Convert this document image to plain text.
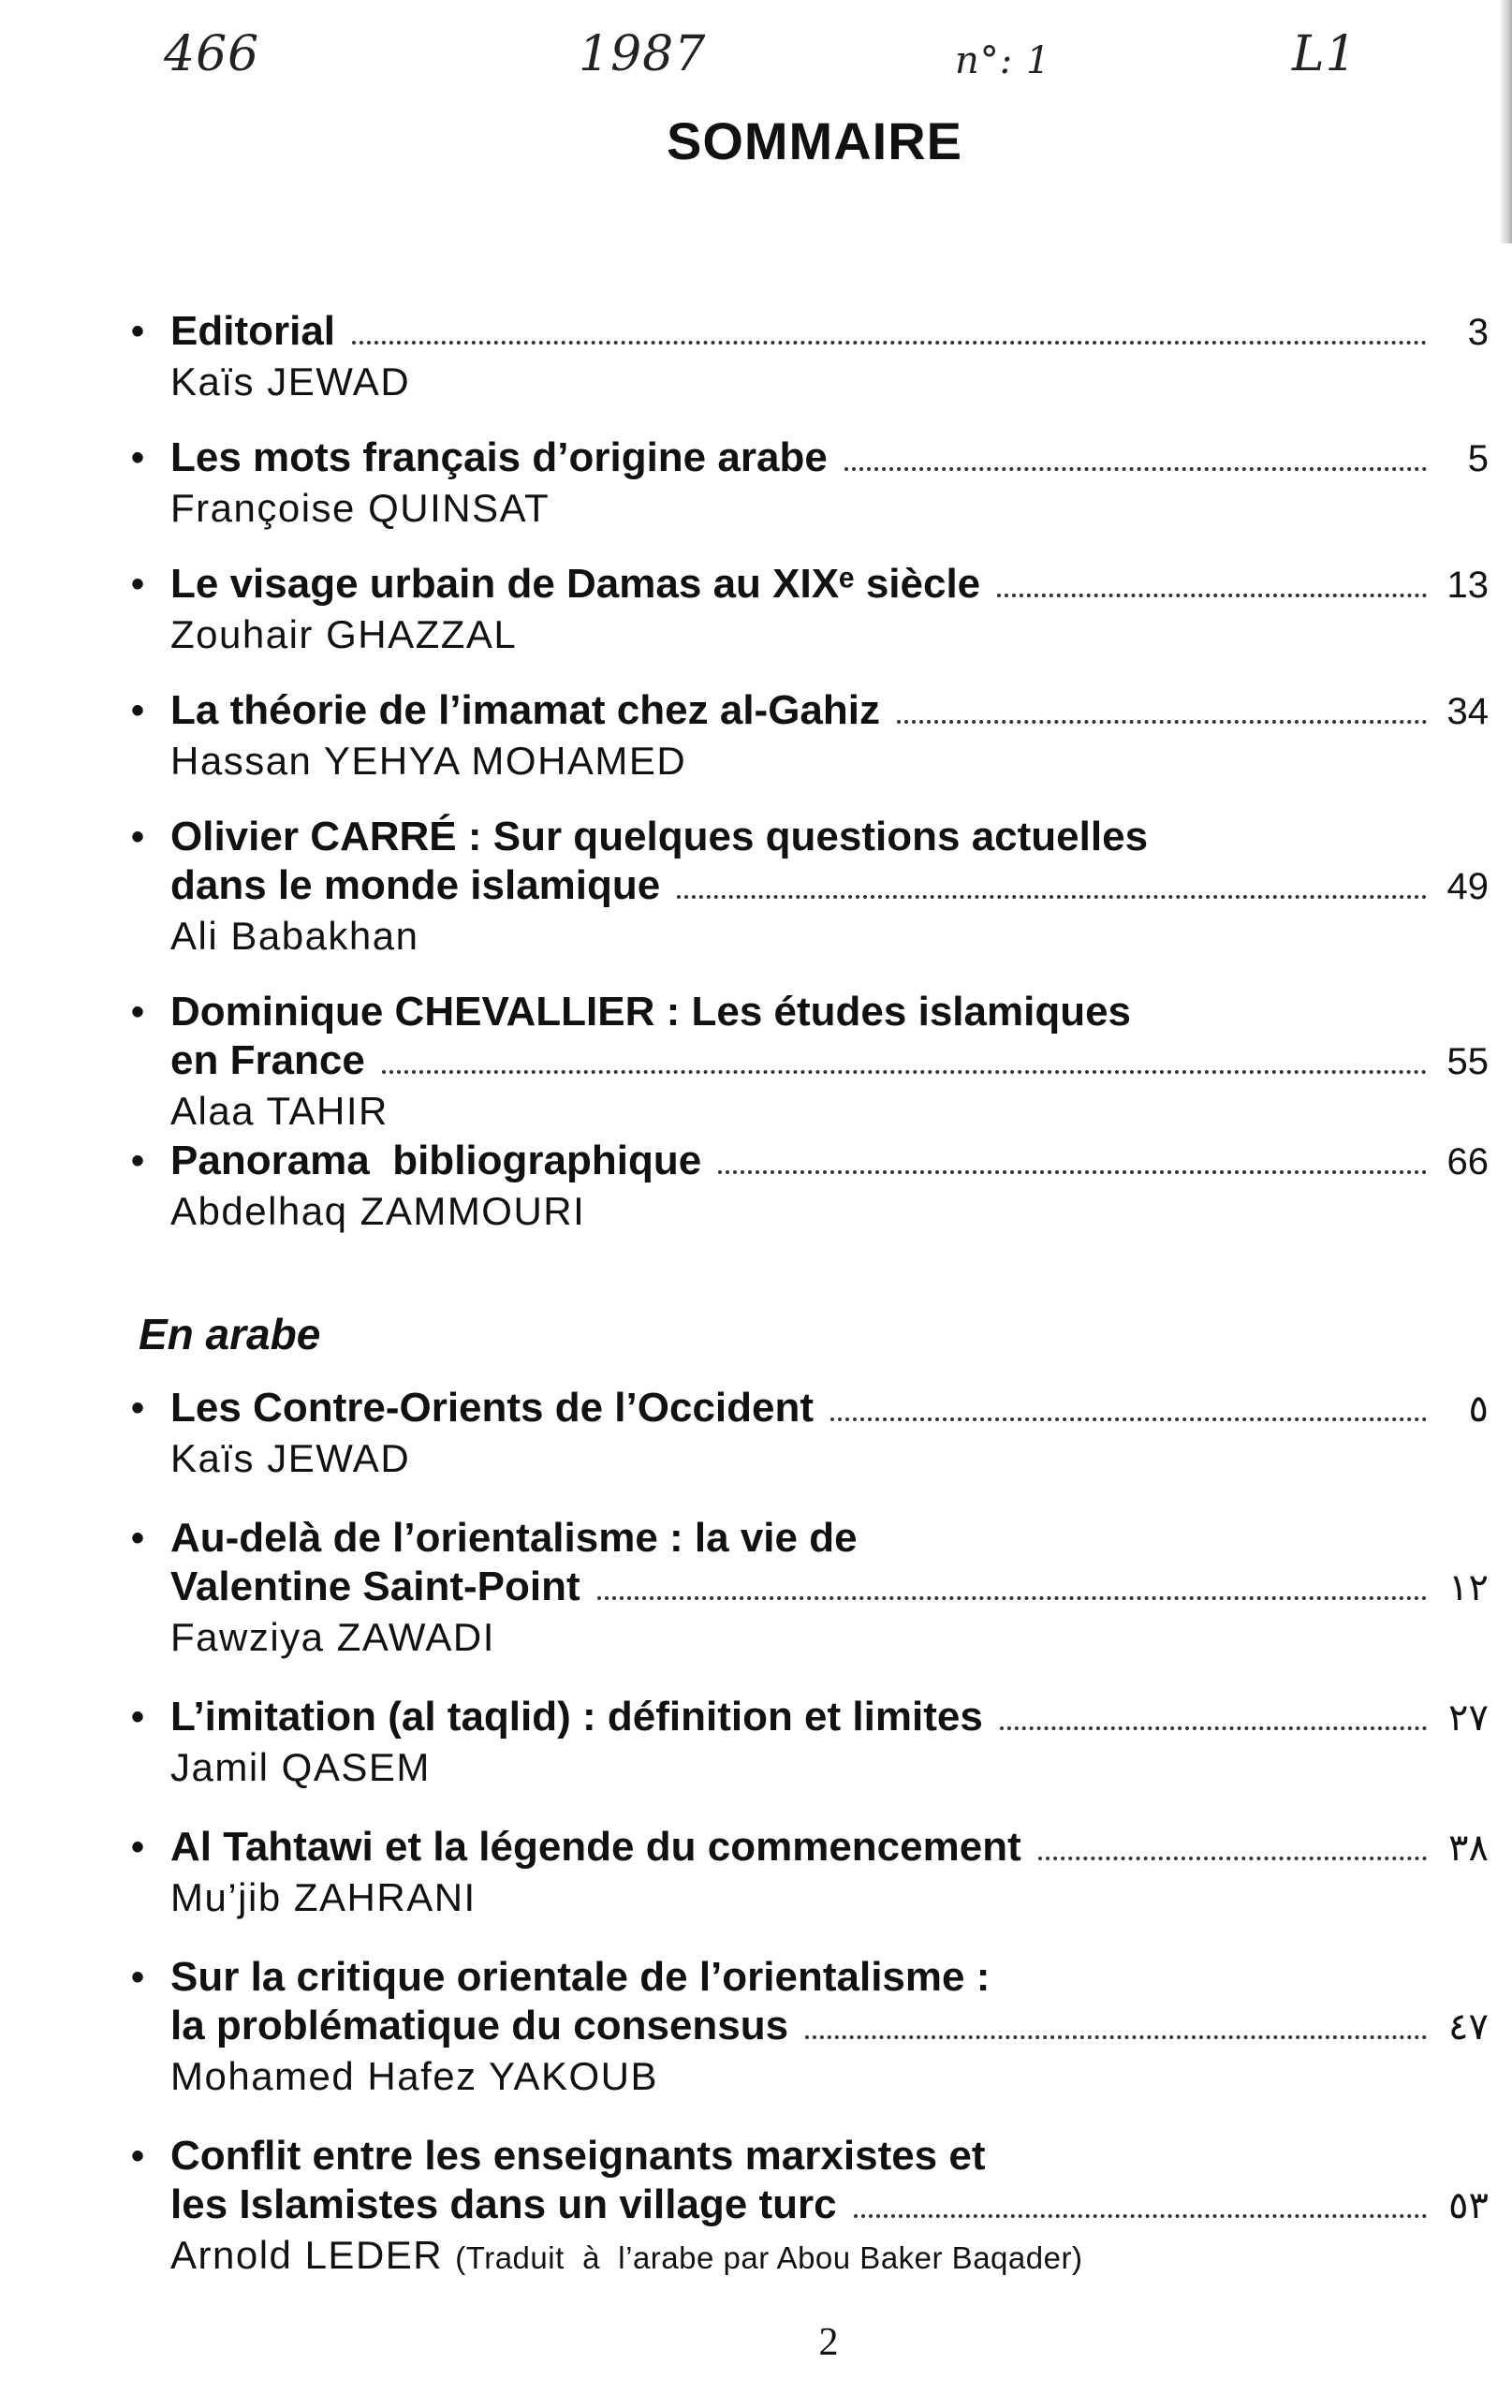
466	1987	n°: 1	L1
SOMMAIRE
• Editorial	3
Kaïs JEWAD
• Les mots français d’origine arabe	5
Françoise QUINSAT
• Le visage urbain de Damas au XIXᵉ siècle	13
Zouhair GHAZZAL
• La théorie de l’imamat chez al-Gahiz	34
Hassan YEHYA MOHAMED
• Olivier CARRÉ : Sur quelques questions actuelles
dans le monde islamique	49
Ali Babakhan
• Dominique CHEVALLIER : Les études islamiques
en France	55
Alaa TAHIR
• Panorama  bibliographique	66
Abdelhaq ZAMMOURI
En arabe
• Les Contre-Orients de l’Occident	٥
Kaïs JEWAD
• Au-delà de l’orientalisme : la vie de
Valentine Saint-Point	١٢
Fawziya ZAWADI
• L’imitation (al taqlid) : définition et limites	٢٧
Jamil QASEM
• Al Tahtawi et la légende du commencement	٣٨
Mu’jib ZAHRANI
• Sur la critique orientale de l’orientalisme :
la problématique du consensus	٤٧
Mohamed Hafez YAKOUB
• Conflit entre les enseignants marxistes et
les Islamistes dans un village turc	٥٣
Arnold LEDER (Traduit  à  l’arabe par Abou Baker Baqader)
2
